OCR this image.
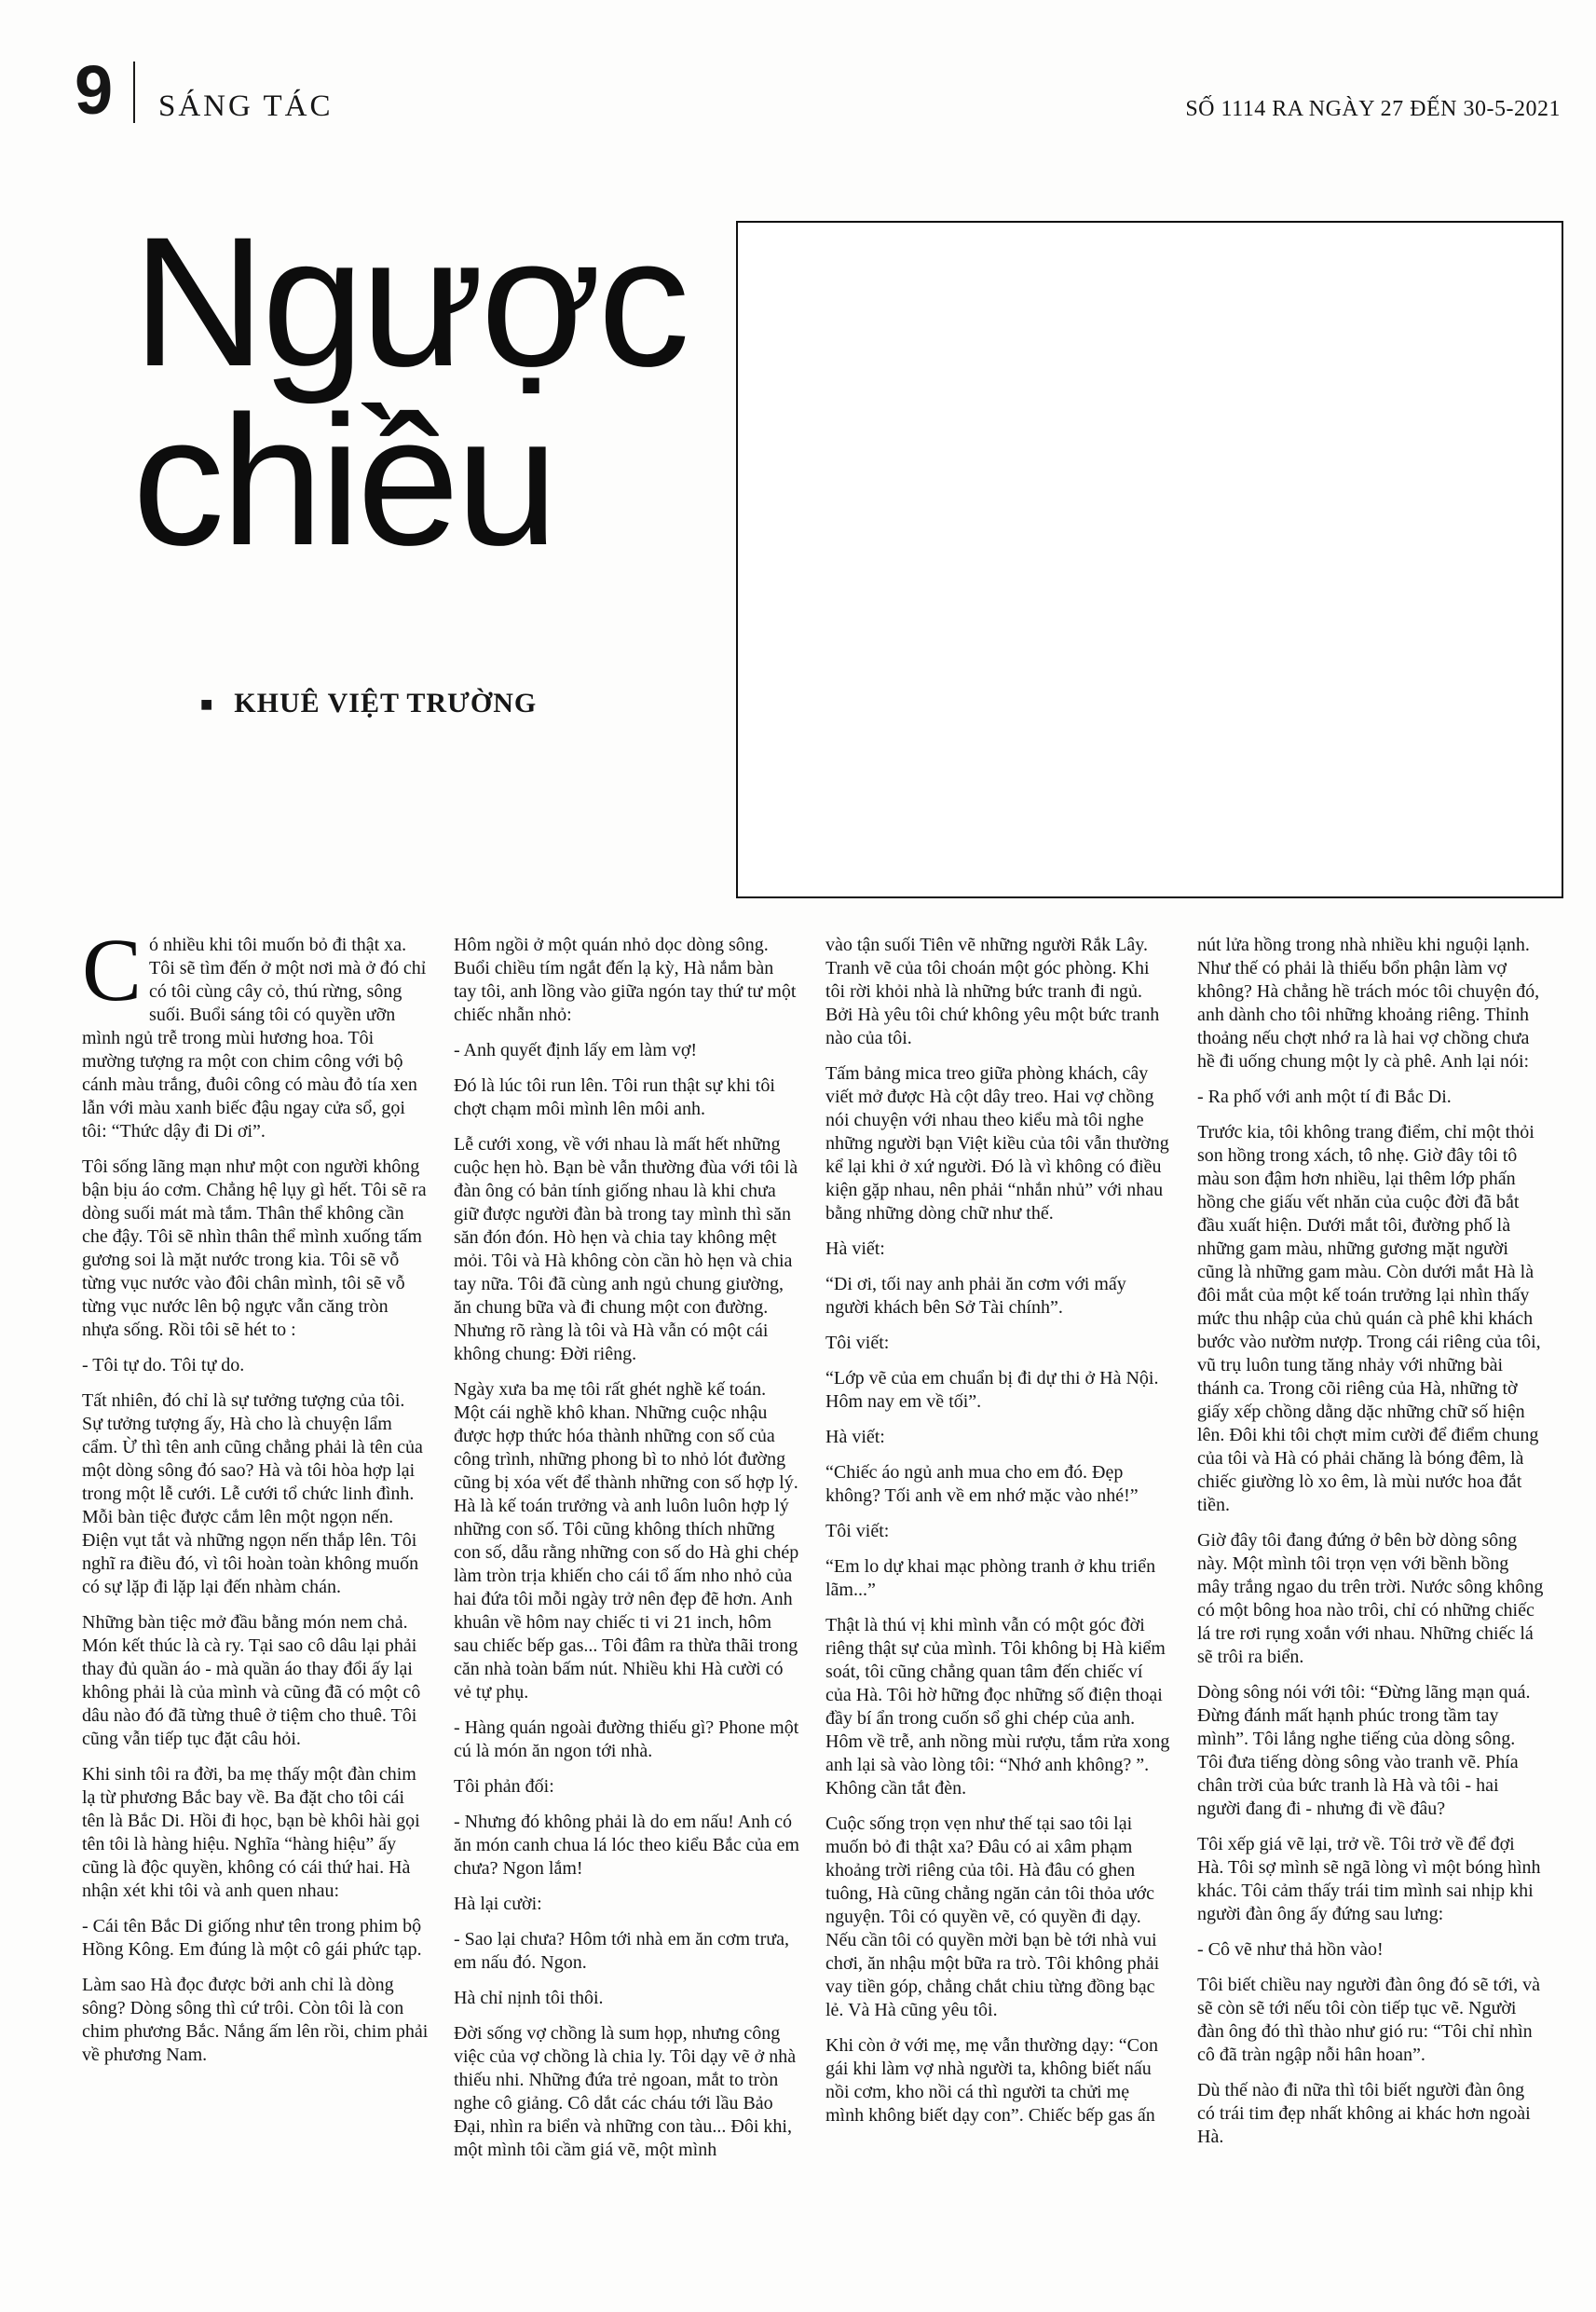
9 SÁNG TÁC	SỐ 1114 RA NGÀY 27 ĐẾN 30-5-2021
Ngược
chiều
■ KHUÊ VIỆT TRƯỜNG

Có nhiều khi tôi muốn bỏ đi thật xa. Tôi sẽ tìm đến ở một nơi mà ở đó chỉ có tôi cùng cây cỏ, thú rừng, sông suối. Buổi sáng tôi có quyền ưỡn mình ngủ trễ trong mùi hương hoa. Tôi mường tượng ra một con chim công với bộ cánh màu trắng, đuôi công có màu đỏ tía xen lẫn với màu xanh biếc đậu ngay cửa sổ, gọi tôi: “Thức dậy đi Di ơi”.

Tôi sống lãng mạn như một con người không bận bịu áo cơm. Chẳng hệ lụy gì hết. Tôi sẽ ra dòng suối mát mà tắm. Thân thể không cần che đậy. Tôi sẽ nhìn thân thể mình xuống tấm gương soi là mặt nước trong kia. Tôi sẽ vỗ từng vục nước vào đôi chân mình, tôi sẽ vỗ từng vục nước lên bộ ngực vẫn căng tròn nhựa sống. Rồi tôi sẽ hét to :

- Tôi tự do. Tôi tự do.

Tất nhiên, đó chỉ là sự tưởng tượng của tôi. Sự tưởng tượng ấy, Hà cho là chuyện lẩm cẩm. Ừ thì tên anh cũng chẳng phải là tên của một dòng sông đó sao? Hà và tôi hòa hợp lại trong một lễ cưới. Lễ cưới tổ chức linh đình. Mỗi bàn tiệc được cắm lên một ngọn nến. Điện vụt tắt và những ngọn nến thắp lên. Tôi nghĩ ra điều đó, vì tôi hoàn toàn không muốn có sự lặp đi lặp lại đến nhàm chán.

Những bàn tiệc mở đầu bằng món nem chả. Món kết thúc là cà ry. Tại sao cô dâu lại phải thay đủ quần áo - mà quần áo thay đổi ấy lại không phải là của mình và cũng đã có một cô dâu nào đó đã từng thuê ở tiệm cho thuê. Tôi cũng vẫn tiếp tục đặt câu hỏi.

Khi sinh tôi ra đời, ba mẹ thấy một đàn chim lạ từ phương Bắc bay về. Ba đặt cho tôi cái tên là Bắc Di. Hồi đi học, bạn bè khôi hài gọi tên tôi là hàng hiệu. Nghĩa “hàng hiệu” ấy cũng là độc quyền, không có cái thứ hai. Hà nhận xét khi tôi và anh quen nhau:

- Cái tên Bắc Di giống như tên trong phim bộ Hồng Kông. Em đúng là một cô gái phức tạp.

Làm sao Hà đọc được bởi anh chỉ là dòng sông? Dòng sông thì cứ trôi. Còn tôi là con chim phương Bắc. Nắng ấm lên rồi, chim phải về phương Nam.

Hôm ngồi ở một quán nhỏ dọc dòng sông. Buổi chiều tím ngắt đến lạ kỳ, Hà nắm bàn tay tôi, anh lồng vào giữa ngón tay thứ tư một chiếc nhẫn nhỏ:

- Anh quyết định lấy em làm vợ!

Đó là lúc tôi run lên. Tôi run thật sự khi tôi chợt chạm môi mình lên môi anh.

Lễ cưới xong, về với nhau là mất hết những cuộc hẹn hò. Bạn bè vẫn thường đùa với tôi là đàn ông có bản tính giống nhau là khi chưa giữ được người đàn bà trong tay mình thì săn săn đón đón. Hò hẹn và chia tay không mệt mỏi. Tôi và Hà không còn cần hò hẹn và chia tay nữa. Tôi đã cùng anh ngủ chung giường, ăn chung bữa và đi chung một con đường. Nhưng rõ ràng là tôi và Hà vẫn có một cái không chung: Đời riêng.

Ngày xưa ba mẹ tôi rất ghét nghề kế toán. Một cái nghề khô khan. Những cuộc nhậu được hợp thức hóa thành những con số của công trình, những phong bì to nhỏ lót đường cũng bị xóa vết để thành những con số hợp lý. Hà là kế toán trưởng và anh luôn luôn hợp lý những con số. Tôi cũng không thích những con số, dẫu rằng những con số do Hà ghi chép làm tròn trịa khiến cho cái tổ ấm nho nhỏ của hai đứa tôi mỗi ngày trở nên đẹp đẽ hơn. Anh khuân về hôm nay chiếc ti vi 21 inch, hôm sau chiếc bếp gas... Tôi đâm ra thừa thãi trong căn nhà toàn bấm nút. Nhiều khi Hà cười có vẻ tự phụ.

- Hàng quán ngoài đường thiếu gì? Phone một cú là món ăn ngon tới nhà.

Tôi phản đối:

- Nhưng đó không phải là do em nấu! Anh có ăn món canh chua lá lóc theo kiểu Bắc của em chưa? Ngon lắm!

Hà lại cười:

- Sao lại chưa? Hôm tới nhà em ăn cơm trưa, em nấu đó. Ngon.

Hà chỉ nịnh tôi thôi.

Đời sống vợ chồng là sum họp, nhưng công việc của vợ chồng là chia ly. Tôi dạy vẽ ở nhà thiếu nhi. Những đứa trẻ ngoan, mắt to tròn nghe cô giảng. Cô dắt các cháu tới lầu Bảo Đại, nhìn ra biển và những con tàu... Đôi khi, một mình tôi cầm giá vẽ, một mình

vào tận suối Tiên vẽ những người Rắk Lây. Tranh vẽ của tôi choán một góc phòng. Khi tôi rời khỏi nhà là những bức tranh đi ngủ. Bởi Hà yêu tôi chứ không yêu một bức tranh nào của tôi.

Tấm bảng mica treo giữa phòng khách, cây viết mở được Hà cột dây treo. Hai vợ chồng nói chuyện với nhau theo kiểu mà tôi nghe những người bạn Việt kiều của tôi vẫn thường kể lại khi ở xứ người. Đó là vì không có điều kiện gặp nhau, nên phải “nhắn nhủ” với nhau bằng những dòng chữ như thế.

Hà viết:

“Di ơi, tối nay anh phải ăn cơm với mấy người khách bên Sở Tài chính”.

Tôi viết:

“Lớp vẽ của em chuẩn bị đi dự thi ở Hà Nội. Hôm nay em về tối”.

Hà viết:

“Chiếc áo ngủ anh mua cho em đó. Đẹp không? Tối anh về em nhớ mặc vào nhé!”

Tôi viết:

“Em lo dự khai mạc phòng tranh ở khu triển lãm...”

Thật là thú vị khi mình vẫn có một góc đời riêng thật sự của mình. Tôi không bị Hà kiểm soát, tôi cũng chẳng quan tâm đến chiếc ví của Hà. Tôi hờ hững đọc những số điện thoại đầy bí ẩn trong cuốn sổ ghi chép của anh. Hôm về trễ, anh nồng mùi rượu, tắm rửa xong anh lại sà vào lòng tôi: “Nhớ anh không? ”. Không cần tắt đèn.

Cuộc sống trọn vẹn như thế tại sao tôi lại muốn bỏ đi thật xa? Đâu có ai xâm phạm khoảng trời riêng của tôi. Hà đâu có ghen tuông, Hà cũng chẳng ngăn cản tôi thỏa ước nguyện. Tôi có quyền vẽ, có quyền đi dạy. Nếu cần tôi có quyền mời bạn bè tới nhà vui chơi, ăn nhậu một bữa ra trò. Tôi không phải vay tiền góp, chẳng chắt chiu từng đồng bạc lẻ. Và Hà cũng yêu tôi.

Khi còn ở với mẹ, mẹ vẫn thường dạy: “Con gái khi làm vợ nhà người ta, không biết nấu nồi cơm, kho nồi cá thì người ta chửi mẹ mình không biết dạy con”. Chiếc bếp gas ấn

nút lửa hồng trong nhà nhiều khi nguội lạnh. Như thế có phải là thiếu bổn phận làm vợ không? Hà chẳng hề trách móc tôi chuyện đó, anh dành cho tôi những khoảng riêng. Thỉnh thoảng nếu chợt nhớ ra là hai vợ chồng chưa hề đi uống chung một ly cà phê. Anh lại nói:

- Ra phố với anh một tí đi Bắc Di.

Trước kia, tôi không trang điểm, chỉ một thỏi son hồng trong xách, tô nhẹ. Giờ đây tôi tô màu son đậm hơn nhiều, lại thêm lớp phấn hồng che giấu vết nhăn của cuộc đời đã bắt đầu xuất hiện. Dưới mắt tôi, đường phố là những gam màu, những gương mặt người cũng là những gam màu. Còn dưới mắt Hà là đôi mắt của một kế toán trưởng lại nhìn thấy mức thu nhập của chủ quán cà phê khi khách bước vào nườm nượp. Trong cái riêng của tôi, vũ trụ luôn tung tăng nhảy với những bài thánh ca. Trong cõi riêng của Hà, những tờ giấy xếp chồng dằng dặc những chữ số hiện lên. Đôi khi tôi chợt mỉm cười để điểm chung của tôi và Hà có phải chăng là bóng đêm, là chiếc giường lò xo êm, là mùi nước hoa đắt tiền.

Giờ đây tôi đang đứng ở bên bờ dòng sông này. Một mình tôi trọn vẹn với bềnh bồng mây trắng ngao du trên trời. Nước sông không có một bông hoa nào trôi, chỉ có những chiếc lá tre rơi rụng xoắn với nhau. Những chiếc lá sẽ trôi ra biển.

Dòng sông nói với tôi: “Đừng lãng mạn quá. Đừng đánh mất hạnh phúc trong tầm tay mình”. Tôi lắng nghe tiếng của dòng sông. Tôi đưa tiếng dòng sông vào tranh vẽ. Phía chân trời của bức tranh là Hà và tôi - hai người đang đi - nhưng đi về đâu?

Tôi xếp giá vẽ lại, trở về. Tôi trở về để đợi Hà. Tôi sợ mình sẽ ngã lòng vì một bóng hình khác. Tôi cảm thấy trái tim mình sai nhịp khi người đàn ông ấy đứng sau lưng:

- Cô vẽ như thả hồn vào!

Tôi biết chiều nay người đàn ông đó sẽ tới, và sẽ còn sẽ tới nếu tôi còn tiếp tục vẽ. Người đàn ông đó thì thào như gió ru: “Tôi chỉ nhìn cô đã tràn ngập nỗi hân hoan”.

Dù thế nào đi nữa thì tôi biết người đàn ông có trái tim đẹp nhất không ai khác hơn ngoài Hà.
